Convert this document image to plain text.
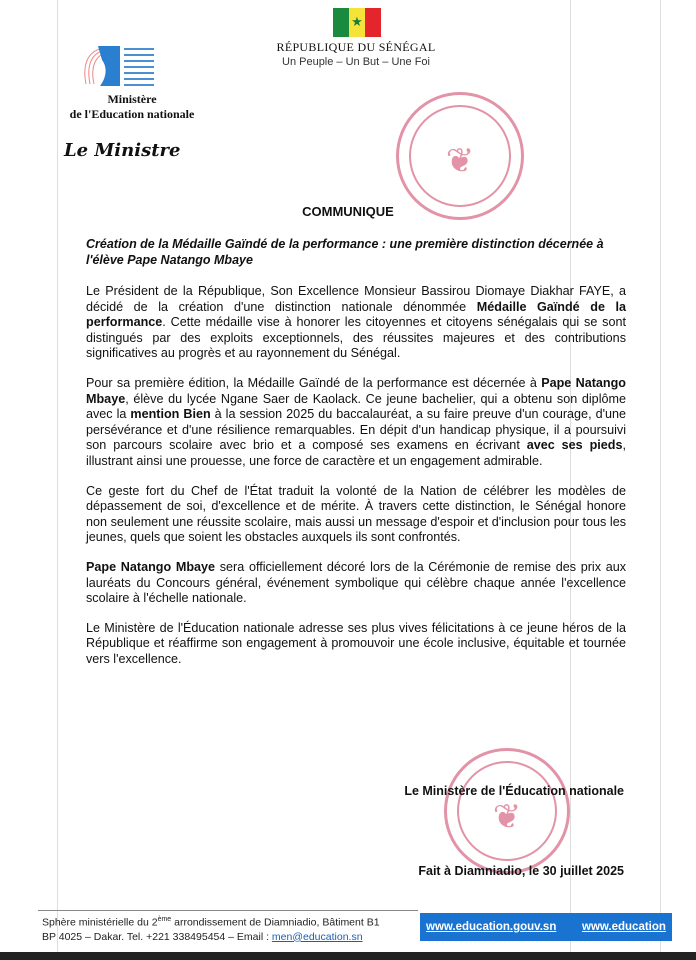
★
RÉPUBLIQUE DU SÉNÉGAL
Un Peuple – Un But – Une Foi
Ministère
de l'Education nationale
Le Ministre	❦
❦
COMMUNIQUE
Création de la Médaille Gaïndé de la performance : une première distinction décernée à l'élève Pape Natango Mbaye

Le Président de la République, Son Excellence Monsieur Bassirou Diomaye Diakhar FAYE, a décidé de la création d'une distinction nationale dénommée Médaille Gaïndé de la performance. Cette médaille vise à honorer les citoyennes et citoyens sénégalais qui se sont distingués par des exploits exceptionnels, des réussites majeures et des contributions significatives au progrès et au rayonnement du Sénégal.

Pour sa première édition, la Médaille Gaïndé de la performance est décernée à Pape Natango Mbaye, élève du lycée Ngane Saer de Kaolack. Ce jeune bachelier, qui a obtenu son diplôme avec la mention Bien à la session 2025 du baccalauréat, a su faire preuve d'un courage, d'une persévérance et d'une résilience remarquables. En dépit d'un handicap physique, il a poursuivi son parcours scolaire avec brio et a composé ses examens en écrivant avec ses pieds, illustrant ainsi une prouesse, une force de caractère et un engagement admirable.

Ce geste fort du Chef de l'État traduit la volonté de la Nation de célébrer les modèles de dépassement de soi, d'excellence et de mérite. À travers cette distinction, le Sénégal honore non seulement une réussite scolaire, mais aussi un message d'espoir et d'inclusion pour tous les jeunes, quels que soient les obstacles auxquels ils sont confrontés.

Pape Natango Mbaye sera officiellement décoré lors de la Cérémonie de remise des prix aux lauréats du Concours général, événement symbolique qui célèbre chaque année l'excellence scolaire à l'échelle nationale.

Le Ministère de l'Éducation nationale adresse ses plus vives félicitations à ce jeune héros de la République et réaffirme son engagement à promouvoir une école inclusive, équitable et tournée vers l'excellence.

Le Ministère de l'Éducation nationale
Fait à Diamniadio, le 30 juillet 2025
Sphère ministérielle du 2ème arrondissement de Diamniadio, Bâtiment B1
BP 4025 – Dakar. Tel. +221 338495454 – Email : men@education.sn
www.education.gouv.sn	www.education
